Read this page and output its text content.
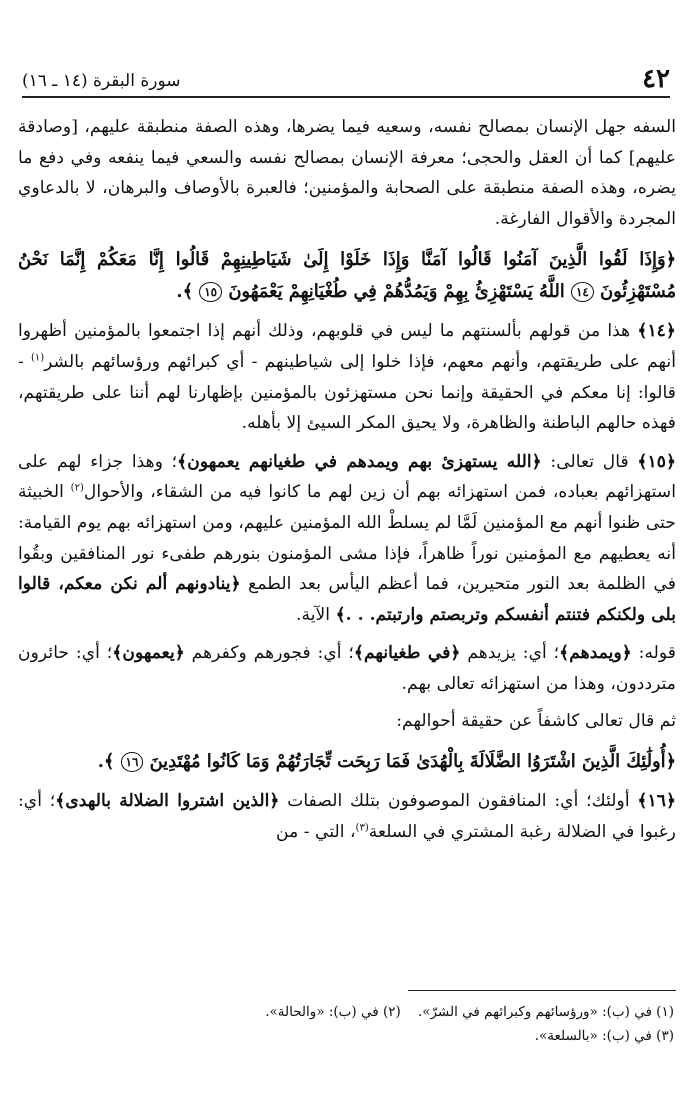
٤٢
سورة البقرة (١٤ ـ ١٦)

السفه جهل الإنسان بمصالح نفسه، وسعيه فيما يضرها، وهذه الصفة منطبقة عليهم، [وصادقة عليهم] كما أن العقل والحجى؛ معرفة الإنسان بمصالح نفسه والسعي فيما ينفعه وفي دفع ما يضره، وهذه الصفة منطبقة على الصحابة والمؤمنين؛ فالعبرة بالأوصاف والبرهان، لا بالدعاوي المجردة والأقوال الفارغة.

﴿وَإِذَا لَقُوا الَّذِينَ آمَنُوا قَالُوا آمَنَّا وَإِذَا خَلَوْا إِلَىٰ شَيَاطِينِهِمْ قَالُوا إِنَّا مَعَكُمْ إِنَّمَا نَحْنُ مُسْتَهْزِئُونَ ١٤ اللَّهُ يَسْتَهْزِئُ بِهِمْ وَيَمُدُّهُمْ فِي طُغْيَانِهِمْ يَعْمَهُونَ ١٥ ﴾.

﴿١٤﴾ هذا من قولهم بألسنتهم ما ليس في قلوبهم، وذلك أنهم إذا اجتمعوا بالمؤمنين أظهروا أنهم على طريقتهم، وأنهم معهم، فإذا خلوا إلى شياطينهم - أي كبرائهم ورؤسائهم بالشر$^{(١)}$ - قالوا: إنا معكم في الحقيقة وإنما نحن مستهزئون بالمؤمنين بإظهارنا لهم أننا على طريقتهم، فهذه حالهم الباطنة والظاهرة، ولا يحيق المكر السيئ إلا بأهله.

﴿١٥﴾ قال تعالى: ﴿الله يستهزئ بهم ويمدهم في طغيانهم يعمهون﴾؛ وهذا جزاء لهم على استهزائهم بعباده، فمن استهزائه بهم أن زين لهم ما كانوا فيه من الشقاء، والأحوال$^{(٢)}$ الخبيثة حتى ظنوا أنهم مع المؤمنين لَمَّا لم يسلطْ الله المؤمنين عليهم، ومن استهزائه بهم يوم القيامة: أنه يعطيهم مع المؤمنين نوراً ظاهراً، فإذا مشى المؤمنون بنورهم طفىء نور المنافقين وبقُوا في الظلمة بعد النور متحيرين، فما أعظم اليأس بعد الطمع ﴿ينادونهم ألم نكن معكم، قالوا بلى ولكنكم فتنتم أنفسكم وتربصتم وارتبتم. . .﴾ الآية.

قوله: ﴿ويمدهم﴾؛ أي: يزيدهم ﴿في طغيانهم﴾؛ أي: فجورهم وكفرهم ﴿يعمهون﴾؛ أي: حائرون مترددون، وهذا من استهزائه تعالى بهم.

ثم قال تعالى كاشفاً عن حقيقة أحوالهم:

﴿أُولَٰئِكَ الَّذِينَ اشْتَرَوُا الضَّلَالَةَ بِالْهُدَىٰ فَمَا رَبِحَت تِّجَارَتُهُمْ وَمَا كَانُوا مُهْتَدِينَ ١٦ ﴾.

﴿١٦﴾ أولئك؛ أي: المنافقون الموصوفون بتلك الصفات ﴿الذين اشتروا الضلالة بالهدى﴾؛ أي: رغبوا في الضلالة رغبة المشتري في السلعة$^{(٣)}$، التي - من

(١) في (ب): «ورؤسائهم وكبرائهم في الشرّ».    (٢) في (ب): «والحالة».
(٣) في (ب): «بالسلعة».
